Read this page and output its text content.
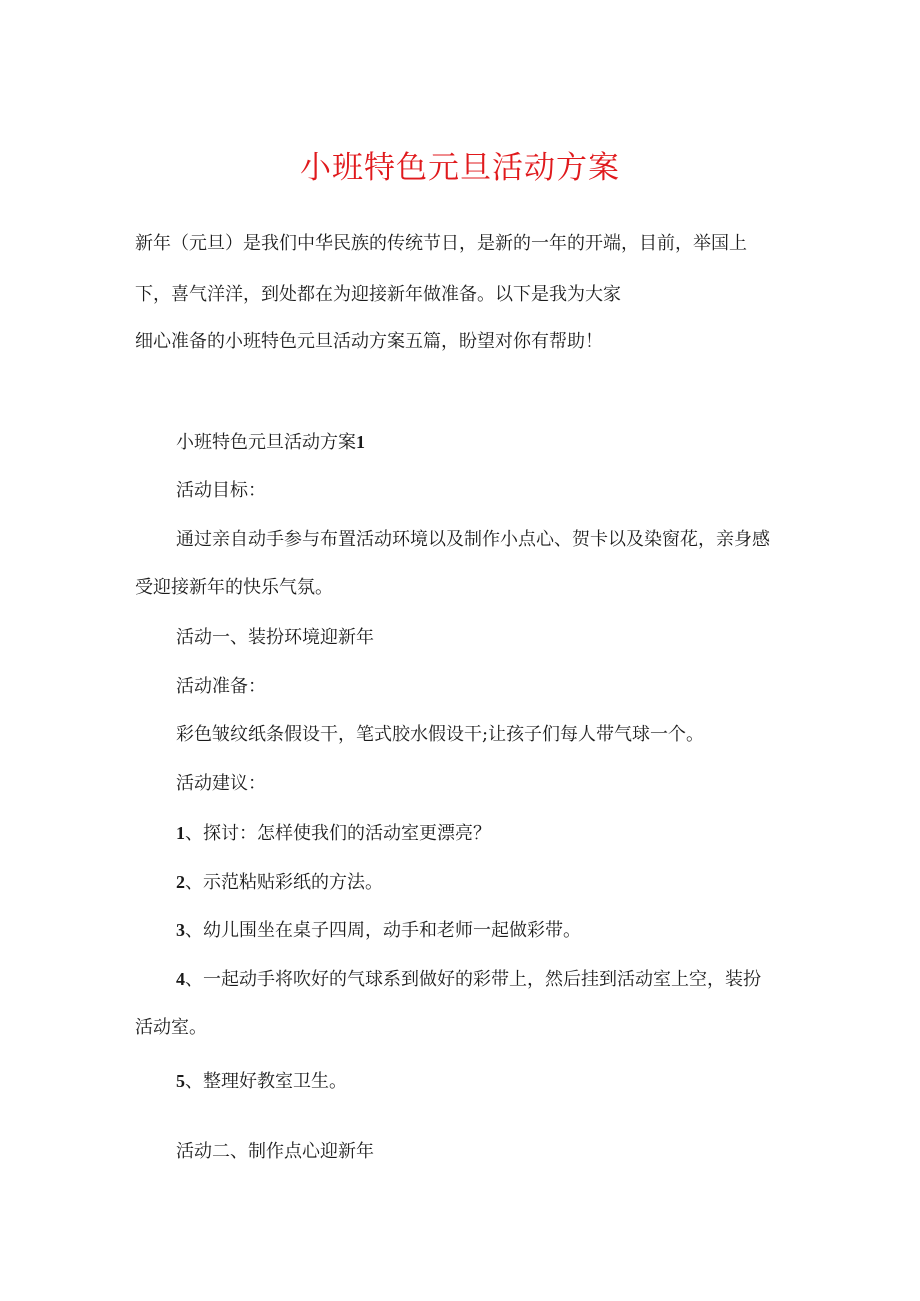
小班特色元旦活动方案
新年（元旦）是我们中华民族的传统节日，是新的一年的开端，目前，举国上
下，喜气洋洋，到处都在为迎接新年做准备。以下是我为大家
细心准备的小班特色元旦活动方案五篇，盼望对你有帮助！
小班特色元旦活动方案1
活动目标：
通过亲自动手参与布置活动环境以及制作小点心、贺卡以及染窗花，亲身感
受迎接新年的快乐气氛。
活动一、装扮环境迎新年
活动准备：
彩色皱纹纸条假设干，笔式胶水假设干;让孩子们每人带气球一个。
活动建议：
1、探讨：怎样使我们的活动室更漂亮？
2、示范粘贴彩纸的方法。
3、幼儿围坐在桌子四周，动手和老师一起做彩带。
4、一起动手将吹好的气球系到做好的彩带上，然后挂到活动室上空，装扮
活动室。
5、整理好教室卫生。
活动二、制作点心迎新年
